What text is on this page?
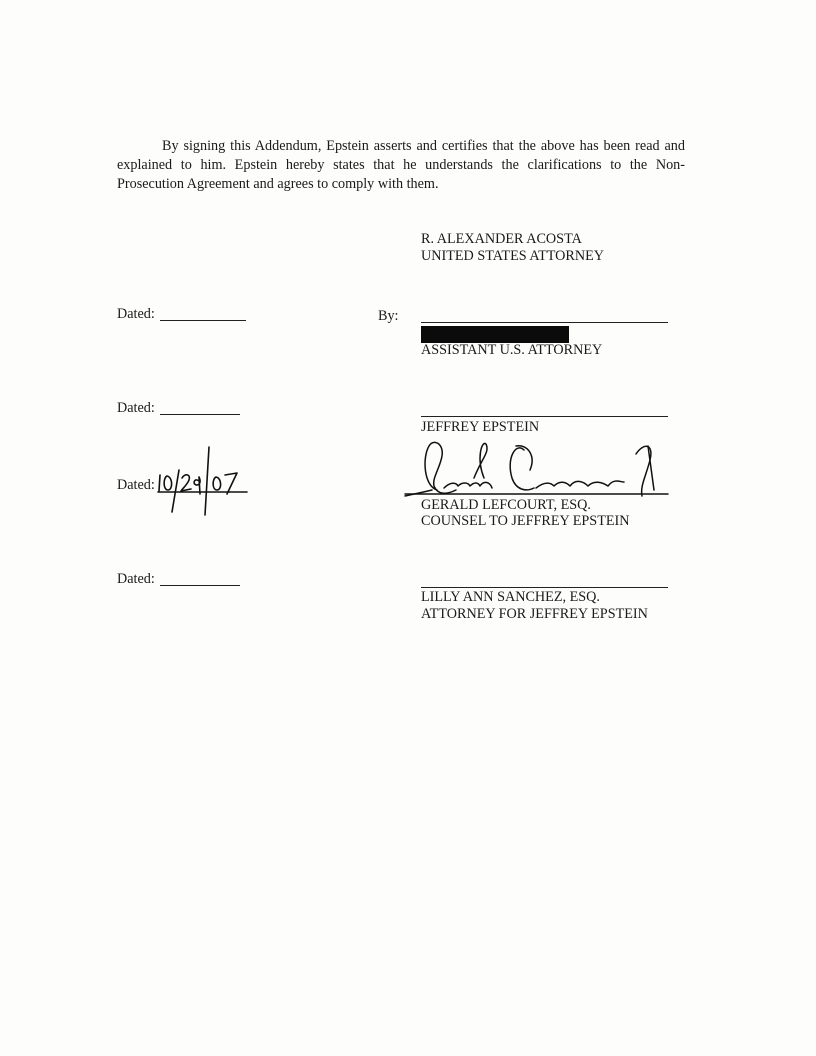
By signing this Addendum, Epstein asserts and certifies that the above has been read and explained to him. Epstein hereby states that he understands the clarifications to the Non-Prosecution Agreement and agrees to comply with them.

R. ALEXANDER ACOSTA
UNITED STATES ATTORNEY
Dated:	By:
ASSISTANT U.S. ATTORNEY
Dated:
JEFFREY EPSTEIN
Dated:
GERALD LEFCOURT, ESQ.
COUNSEL TO JEFFREY EPSTEIN
Dated:
LILLY ANN SANCHEZ, ESQ.
ATTORNEY FOR JEFFREY EPSTEIN
